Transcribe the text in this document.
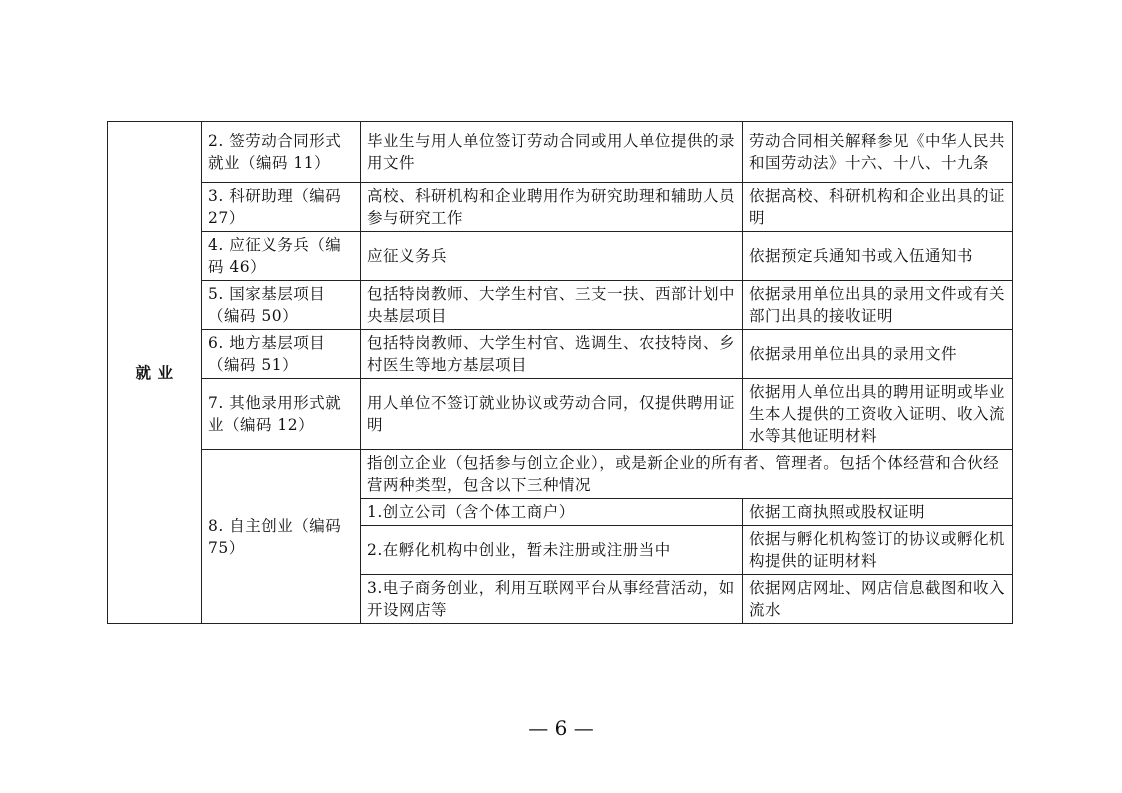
就 业	2. 签劳动合同形式就业（编码 11）	毕业生与用人单位签订劳动合同或用人单位提供的录用文件	劳动合同相关解释参见《中华人民共和国劳动法》十六、十八、十九条
	3. 科研助理（编码 27）	高校、科研机构和企业聘用作为研究助理和辅助人员参与研究工作	依据高校、科研机构和企业出具的证明
	4. 应征义务兵（编码 46）	应征义务兵	依据预定兵通知书或入伍通知书
	5. 国家基层项目（编码 50）	包括特岗教师、大学生村官、三支一扶、西部计划中央基层项目	依据录用单位出具的录用文件或有关部门出具的接收证明
	6. 地方基层项目（编码 51）	包括特岗教师、大学生村官、选调生、农技特岗、乡村医生等地方基层项目	依据录用单位出具的录用文件
	7. 其他录用形式就业（编码 12）	用人单位不签订就业协议或劳动合同，仅提供聘用证明	依据用人单位出具的聘用证明或毕业生本人提供的工资收入证明、收入流水等其他证明材料
	8. 自主创业（编码 75）	指创立企业（包括参与创立企业），或是新企业的所有者、管理者。包括个体经营和合伙经营两种类型，包含以下三种情况	
		1.创立公司（含个体工商户）	依据工商执照或股权证明
		2.在孵化机构中创业，暂未注册或注册当中	依据与孵化机构签订的协议或孵化机构提供的证明材料
		3.电子商务创业，利用互联网平台从事经营活动，如开设网店等	依据网店网址、网店信息截图和收入流水
— 6 —
